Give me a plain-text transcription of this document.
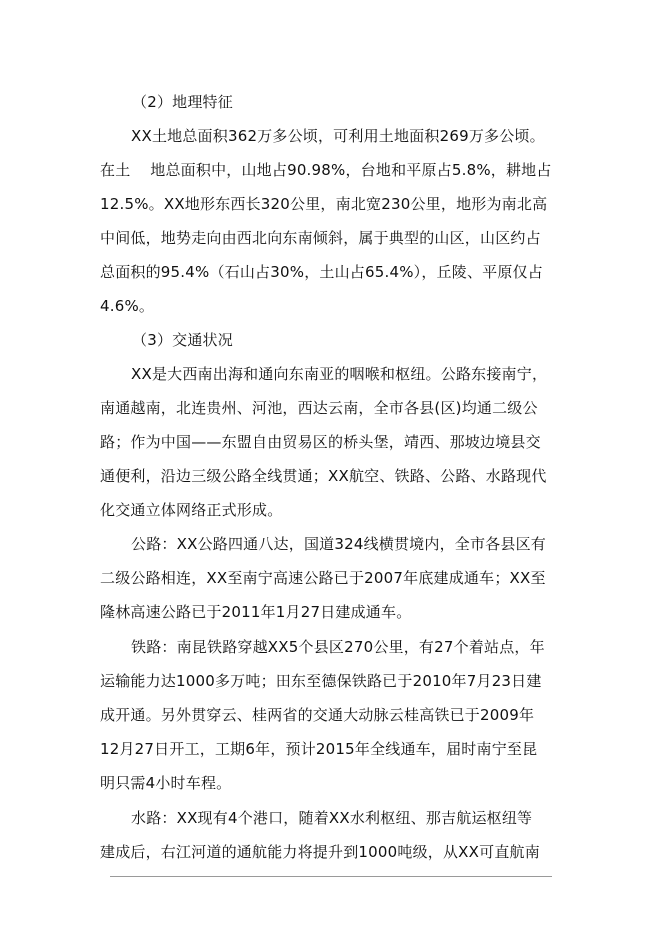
（2）地理特征
XX土地总面积362万多公顷，可利用土地面积269万多公顷。
在土    地总面积中，山地占90.98%，台地和平原占5.8%，耕地占
12.5%。XX地形东西长320公里，南北宽230公里，地形为南北高
中间低，地势走向由西北向东南倾斜，属于典型的山区，山区约占
总面积的95.4%（石山占30%，土山占65.4%），丘陵、平原仅占
4.6%。
（3）交通状况
XX是大西南出海和通向东南亚的咽喉和枢纽。公路东接南宁，
南通越南，北连贵州、河池，西达云南，全市各县(区)均通二级公
路；作为中国——东盟自由贸易区的桥头堡，靖西、那坡边境县交
通便利，沿边三级公路全线贯通；XX航空、铁路、公路、水路现代
化交通立体网络正式形成。
公路：XX公路四通八达，国道324线横贯境内，全市各县区有
二级公路相连，XX至南宁高速公路已于2007年底建成通车；XX至
隆林高速公路已于2011年1月27日建成通车。
铁路：南昆铁路穿越XX5个县区270公里，有27个着站点，年
运输能力达1000多万吨；田东至德保铁路已于2010年7月23日建
成开通。另外贯穿云、桂两省的交通大动脉云桂高铁已于2009年
12月27日开工，工期6年，预计2015年全线通车，届时南宁至昆
明只需4小时车程。
水路：XX现有4个港口，随着XX水利枢纽、那吉航运枢纽等
建成后，右江河道的通航能力将提升到1000吨级，从XX可直航南
